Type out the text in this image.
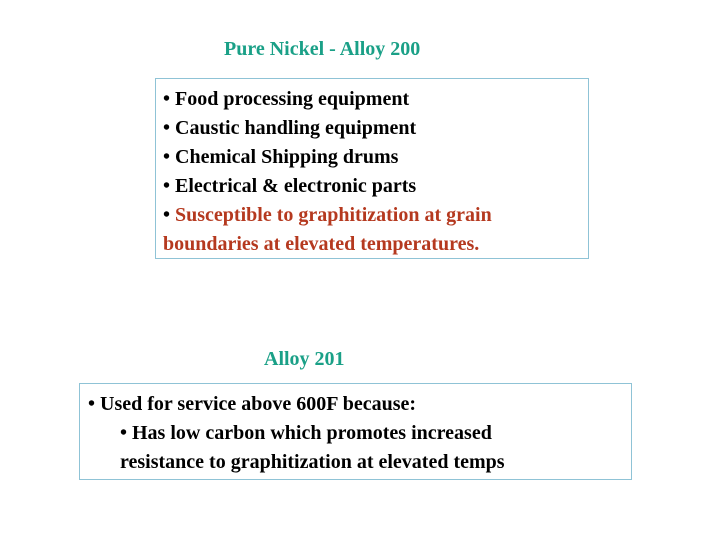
Pure Nickel - Alloy 200
• Food processing equipment
• Caustic handling equipment
• Chemical Shipping drums
• Electrical & electronic parts
• Susceptible to graphitization at grain
boundaries at elevated temperatures.
Alloy 201
• Used for service above 600F because:
• Has low carbon which promotes increased
resistance to graphitization at elevated temps
